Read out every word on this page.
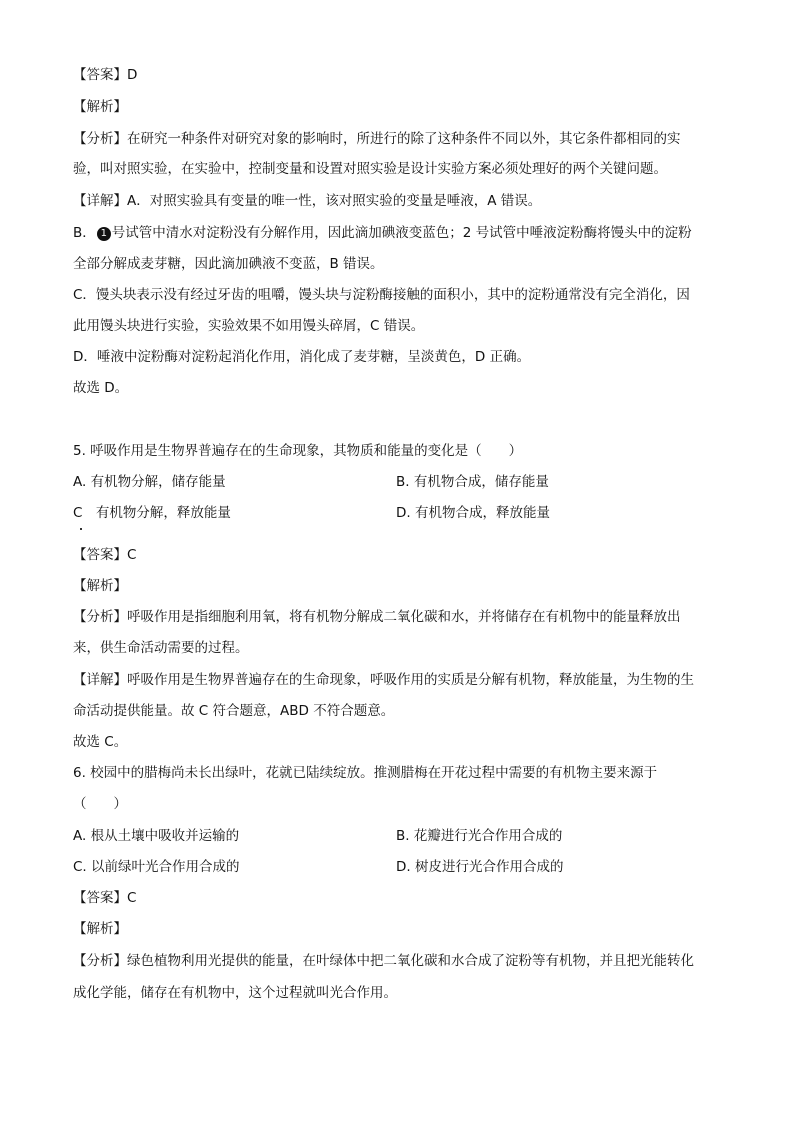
【答案】D

【解析】

【分析】在研究一种条件对研究对象的影响时，所进行的除了这种条件不同以外，其它条件都相同的实

验，叫对照实验，在实验中，控制变量和设置对照实验是设计实验方案必须处理好的两个关键问题。

【详解】A．对照实验具有变量的唯一性，该对照实验的变量是唾液，A 错误。

B． 1 号试管中清水对淀粉没有分解作用，因此滴加碘液变蓝色；2 号试管中唾液淀粉酶将馒头中的淀粉

全部分解成麦芽糖，因此滴加碘液不变蓝，B 错误。

C．馒头块表示没有经过牙齿的咀嚼，馒头块与淀粉酶接触的面积小，其中的淀粉通常没有完全消化，因

此用馒头块进行实验，实验效果不如用馒头碎屑，C 错误。

D．唾液中淀粉酶对淀粉起消化作用，消化成了麦芽糖，呈淡黄色，D 正确。

故选 D。

5. 呼吸作用是生物界普遍存在的生命现象，其物质和能量的变化是（　　）

A. 有机物分解，储存能量	B. 有机物合成，储存能量
C　有机物分解，释放能量	D. 有机物合成，释放能量

【答案】C

【解析】

【分析】呼吸作用是指细胞利用氧，将有机物分解成二氧化碳和水，并将储存在有机物中的能量释放出

来，供生命活动需要的过程。

【详解】呼吸作用是生物界普遍存在的生命现象，呼吸作用的实质是分解有机物，释放能量，为生物的生

命活动提供能量。故 C 符合题意，ABD 不符合题意。

故选 C。

6. 校园中的腊梅尚未长出绿叶，花就已陆续绽放。推测腊梅在开花过程中需要的有机物主要来源于

（　　）

A. 根从土壤中吸收并运输的	B. 花瓣进行光合作用合成的
C. 以前绿叶光合作用合成的	D. 树皮进行光合作用合成的

【答案】C

【解析】

【分析】绿色植物利用光提供的能量，在叶绿体中把二氧化碳和水合成了淀粉等有机物，并且把光能转化

成化学能，储存在有机物中，这个过程就叫光合作用。
